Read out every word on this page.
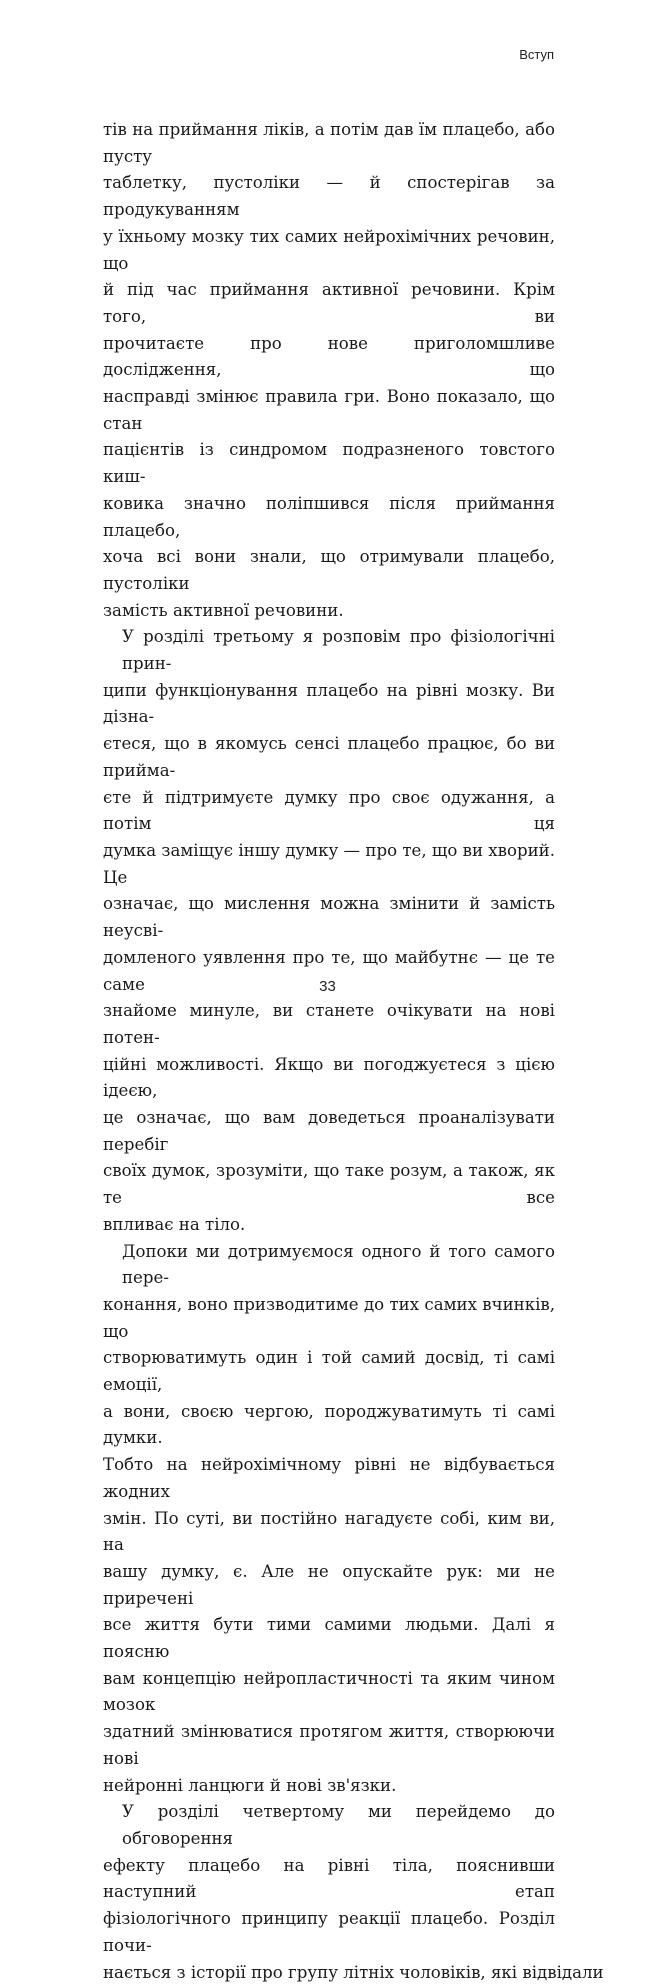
Вступ
тів на приймання ліків, а потім дав їм плацебо, або пусту
таблетку, пустоліки — й спостерігав за продукуванням
у їхньому мозку тих самих нейрохімічних речовин, що
й під час приймання активної речовини. Крім того, ви
прочитаєте про нове приголомшливе дослідження, що
насправді змінює правила гри. Воно показало, що стан
пацієнтів із синдромом подразненого товстого киш-
ковика значно поліпшився після приймання плацебо,
хоча всі вони знали, що отримували плацебо, пустоліки
замість активної речовини.
У розділі третьому я розповім про фізіологічні прин-
ципи функціонування плацебо на рівні мозку. Ви дізна-
єтеся, що в якомусь сенсі плацебо працює, бо ви прийма-
єте й підтримуєте думку про своє одужання, а потім ця
думка заміщує іншу думку — про те, що ви хворий. Це
означає, що мислення можна змінити й замість неусві-
домленого уявлення про те, що майбутнє — це те саме
знайоме минуле, ви станете очікувати на нові потен-
ційні можливості. Якщо ви погоджуєтеся з цією ідеєю,
це означає, що вам доведеться проаналізувати перебіг
своїх думок, зрозуміти, що таке розум, а також, як те все
впливає на тіло.
Допоки ми дотримуємося одного й того самого пере-
конання, воно призводитиме до тих самих вчинків, що
створюватимуть один і той самий досвід, ті самі емоції,
а вони, своєю чергою, породжуватимуть ті самі думки.
Тобто на нейрохімічному рівні не відбувається жодних
змін. По суті, ви постійно нагадуєте собі, ким ви, на
вашу думку, є. Але не опускайте рук: ми не приречені
все життя бути тими самими людьми. Далі я поясню
вам концепцію нейропластичності та яким чином мозок
здатний змінюватися протягом життя, створюючи нові
нейронні ланцюги й нові зв'язки.
У розділі четвертому ми перейдемо до обговорення
ефекту плацебо на рівні тіла, пояснивши наступний етап
фізіологічного принципу реакції плацебо. Розділ почи-
нається з історії про групу літніх чоловіків, які відвідали
33
